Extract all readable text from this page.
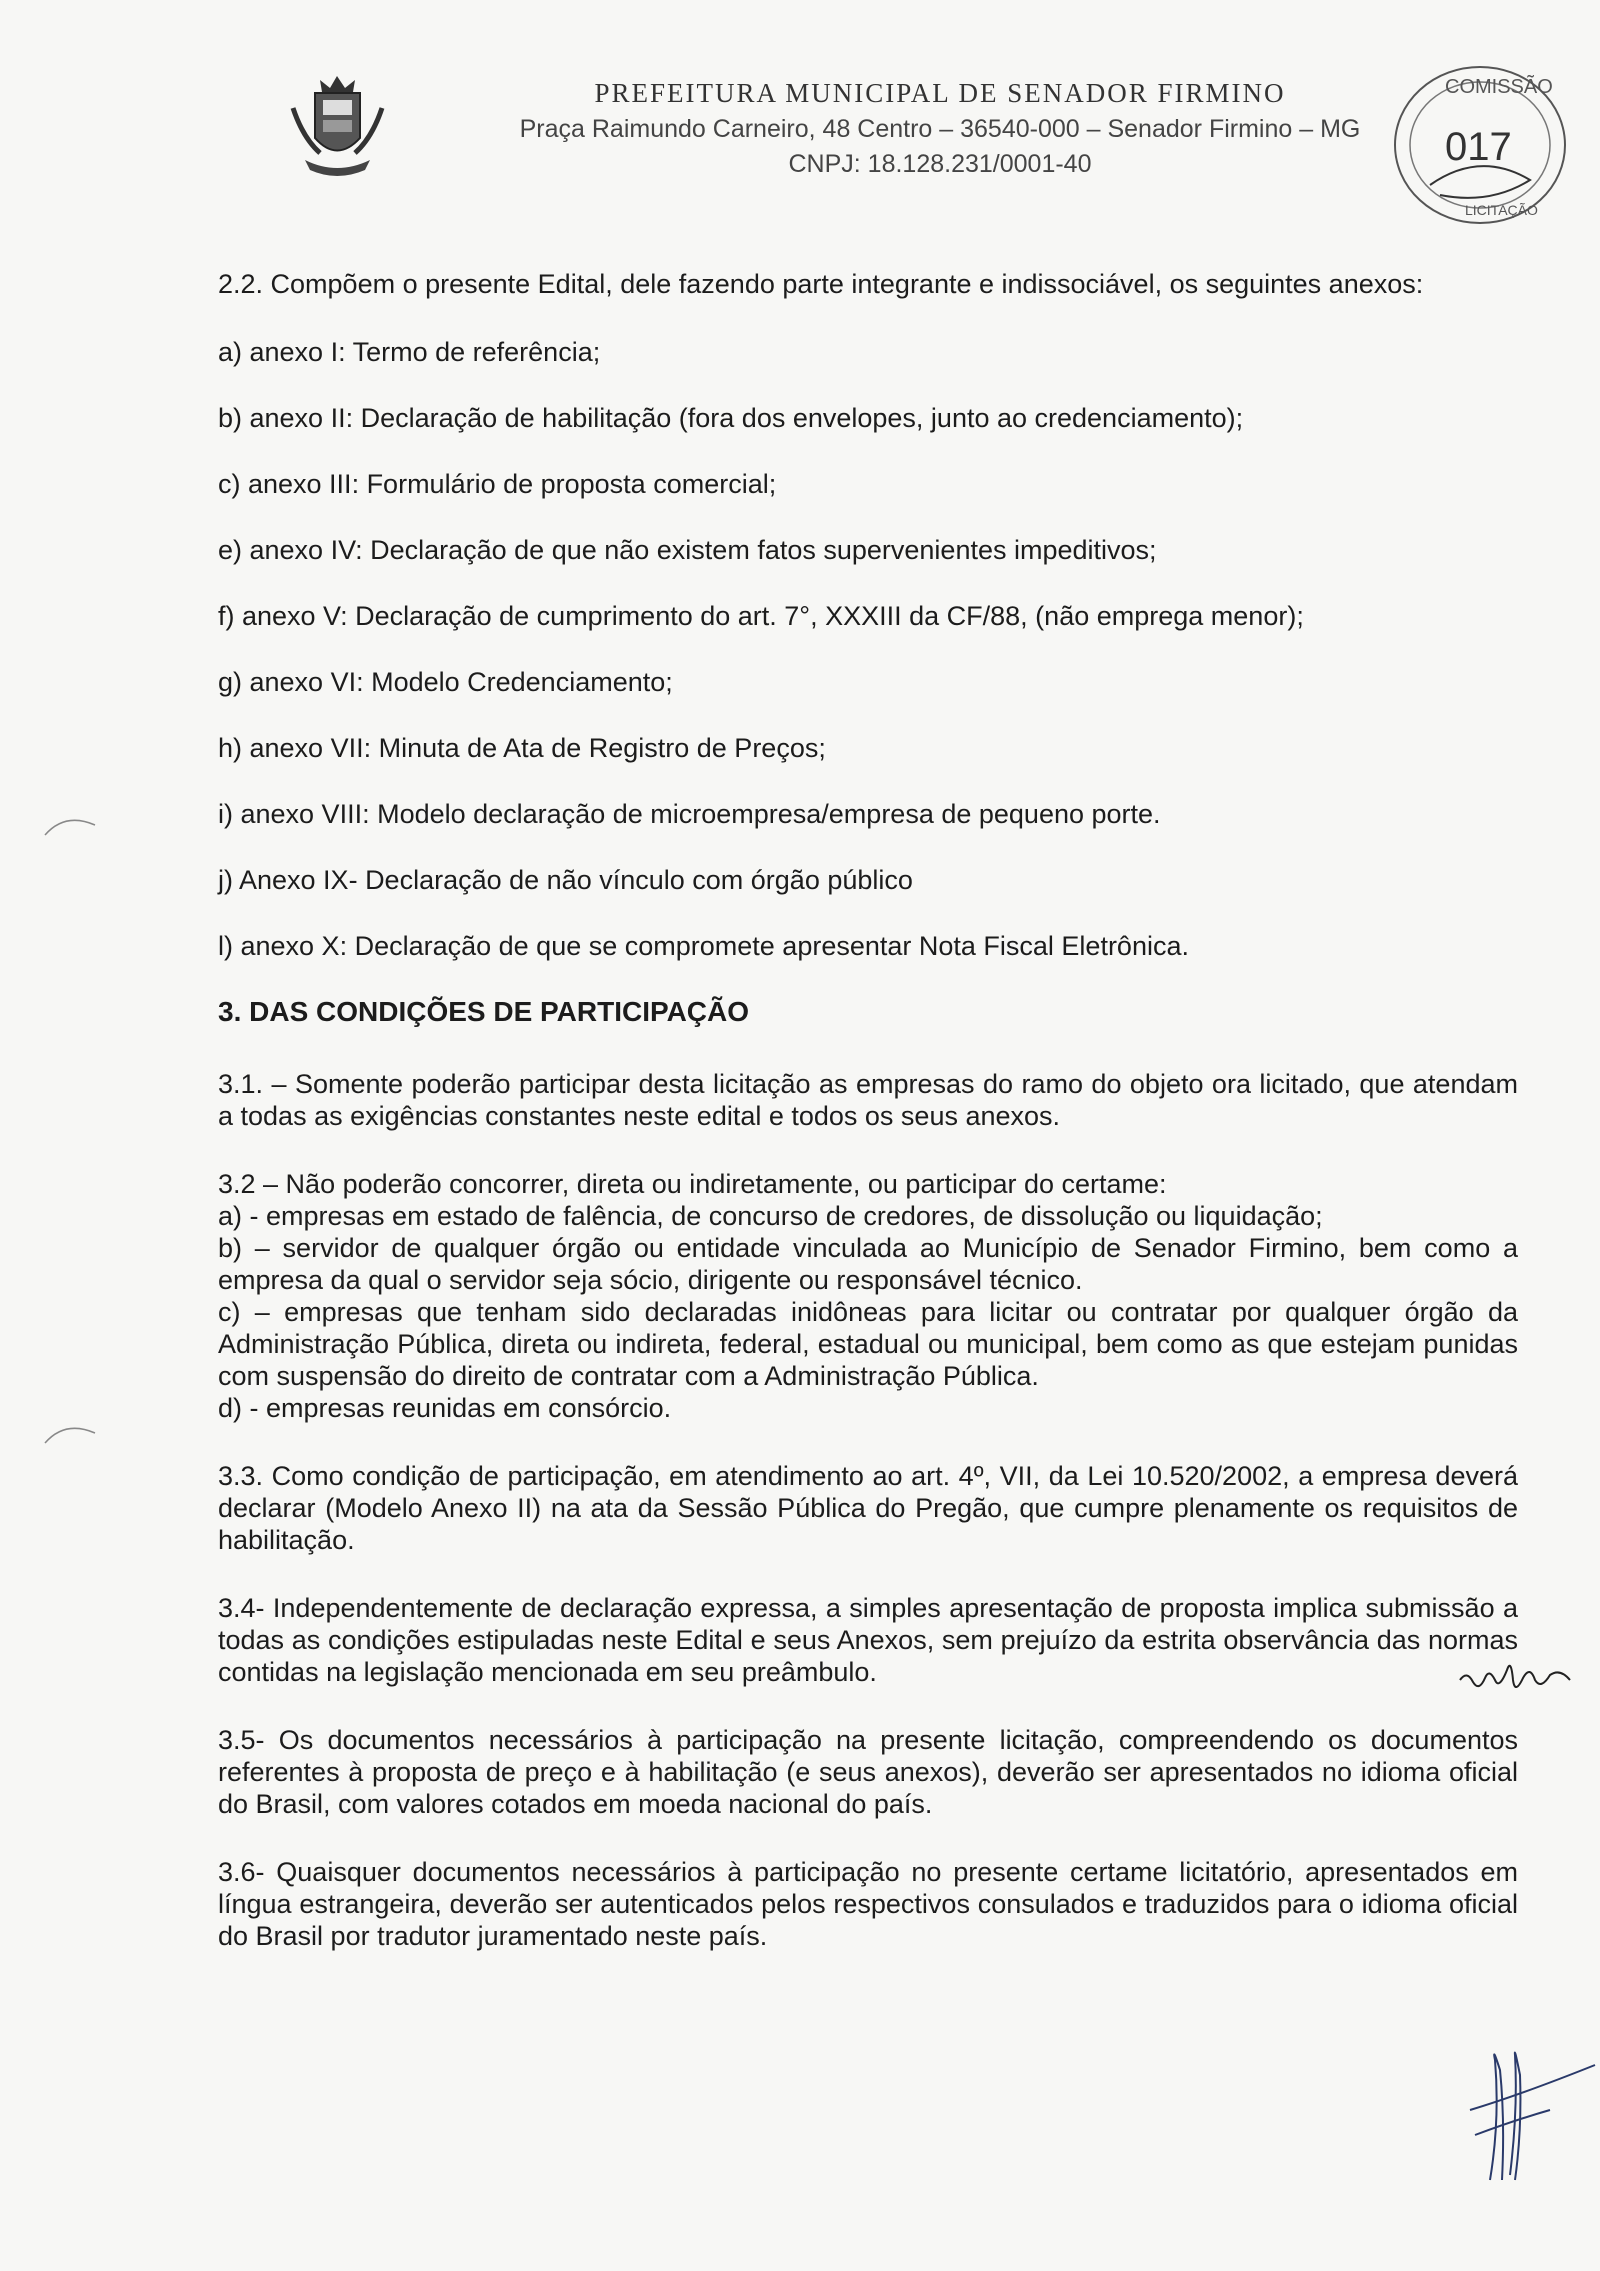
PREFEITURA MUNICIPAL DE SENADOR FIRMINO

Praça Raimundo Carneiro, 48 Centro – 36540-000 – Senador Firmino – MG

CNPJ: 18.128.231/0001-40

COMISSÃO
017
LICITAÇÃO

2.2. Compõem o presente Edital, dele fazendo parte integrante e indissociável, os seguintes anexos:

a) anexo I: Termo de referência;

b) anexo II: Declaração de habilitação (fora dos envelopes, junto ao credenciamento);

c) anexo III: Formulário de proposta comercial;

e) anexo IV: Declaração de que não existem fatos supervenientes impeditivos;

f) anexo V: Declaração de cumprimento do art. 7°, XXXIII da CF/88, (não emprega menor);

g) anexo VI: Modelo Credenciamento;

h) anexo VII: Minuta de Ata de Registro de Preços;

i) anexo VIII: Modelo declaração de microempresa/empresa de pequeno porte.

j) Anexo IX- Declaração de não vínculo com órgão público

l) anexo X: Declaração de que se compromete apresentar Nota Fiscal Eletrônica.

3. DAS CONDIÇÕES DE PARTICIPAÇÃO

3.1. – Somente poderão participar desta licitação as empresas do ramo do objeto ora licitado, que atendam a todas as exigências constantes neste edital e todos os seus anexos.

3.2 – Não poderão concorrer, direta ou indiretamente, ou participar do certame:

a) - empresas em estado de falência, de concurso de credores, de dissolução ou liquidação;

b) – servidor de qualquer órgão ou entidade vinculada ao Município de Senador Firmino, bem como a empresa da qual o servidor seja sócio, dirigente ou responsável técnico.

c) – empresas que tenham sido declaradas inidôneas para licitar ou contratar por qualquer órgão da Administração Pública, direta ou indireta, federal, estadual ou municipal, bem como as que estejam punidas com suspensão do direito de contratar com a Administração Pública.

d) - empresas reunidas em consórcio.

3.3. Como condição de participação, em atendimento ao art. 4º, VII, da Lei 10.520/2002, a empresa deverá declarar (Modelo Anexo II) na ata da Sessão Pública do Pregão, que cumpre plenamente os requisitos de habilitação.

3.4- Independentemente de declaração expressa, a simples apresentação de proposta implica submissão a todas as condições estipuladas neste Edital e seus Anexos, sem prejuízo da estrita observância das normas contidas na legislação mencionada em seu preâmbulo.

3.5- Os documentos necessários à participação na presente licitação, compreendendo os documentos referentes à proposta de preço e à habilitação (e seus anexos), deverão ser apresentados no idioma oficial do Brasil, com valores cotados em moeda nacional do país.

3.6- Quaisquer documentos necessários à participação no presente certame licitatório, apresentados em língua estrangeira, deverão ser autenticados pelos respectivos consulados e traduzidos para o idioma oficial do Brasil por tradutor juramentado neste país.
